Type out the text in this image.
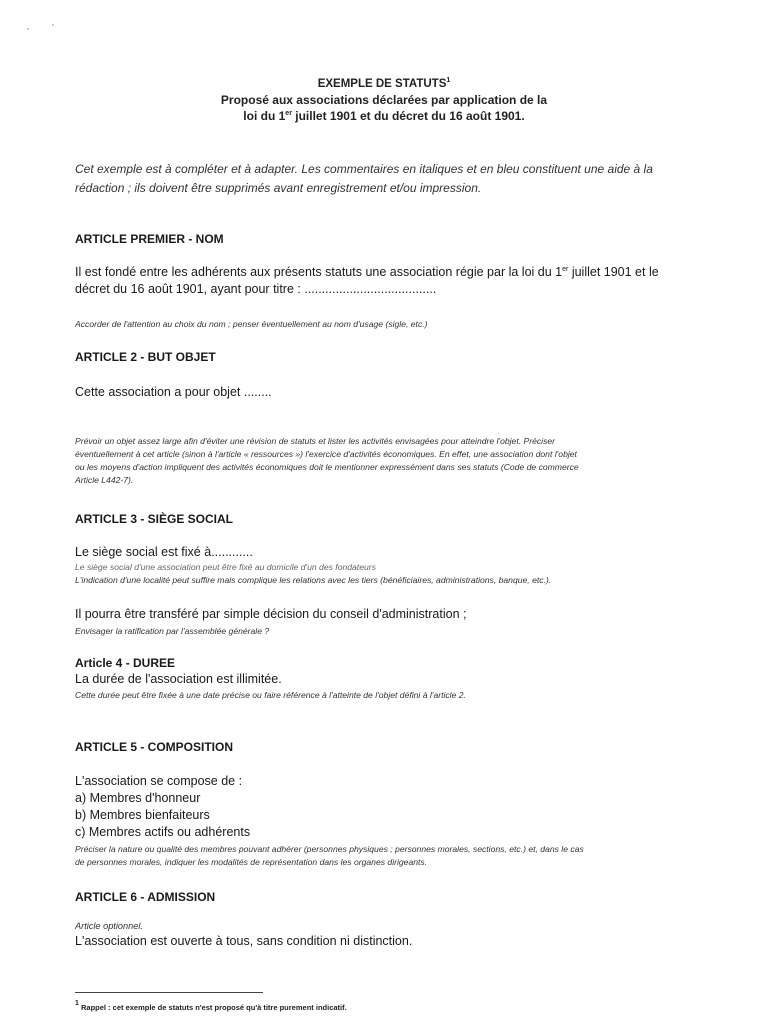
EXEMPLE DE STATUTS$^1$
Proposé aux associations déclarées par application de la
loi du 1er juillet 1901 et du décret du 16 août 1901.
Cet exemple est à compléter et à adapter. Les commentaires en italiques et en bleu constituent une aide à la
rédaction ; ils doivent être supprimés avant enregistrement et/ou impression.
ARTICLE PREMIER - NOM
Il est fondé entre les adhérents aux présents statuts une association régie par la loi du 1er juillet 1901 et le
décret du 16 août 1901, ayant pour titre : ......................................
Accorder de l'attention au choix du nom ; penser éventuellement au nom d'usage (sigle, etc.)
ARTICLE 2 - BUT OBJET
Cette association a pour objet ........
Prévoir un objet assez large afin d'éviter une révision de statuts et lister les activités envisagées pour atteindre l'objet. Préciser
éventuellement à cet article (sinon à l'article « ressources ») l'exercice d'activités économiques. En effet, une association dont l'objet
ou les moyens d'action impliquent des activités économiques doit le mentionner expressément dans ses statuts (Code de commerce
Article L442-7).
ARTICLE 3 - SIÈGE SOCIAL
Le siège social est fixé à............
Le siège social d'une association peut être fixé au domicile d'un des fondateurs
L'indication d'une localité peut suffire mais complique les relations avec les tiers (bénéficiaires, administrations, banque, etc.).
Il pourra être transféré par simple décision du conseil d'administration ;
Envisager la ratification par l'assemblée générale ?
Article 4 - DUREE
La durée de l'association est illimitée.
Cette durée peut être fixée à une date précise ou faire référence à l'atteinte de l'objet défini à l'article 2.
ARTICLE 5 - COMPOSITION
L'association se compose de :
a) Membres d'honneur
b) Membres bienfaiteurs
c) Membres actifs ou adhérents
Préciser la nature ou qualité des membres pouvant adhérer (personnes physiques ; personnes morales, sections, etc.) et, dans le cas
de personnes morales, indiquer les modalités de représentation dans les organes dirigeants.
ARTICLE 6 - ADMISSION
Article optionnel.
L'association est ouverte à tous, sans condition ni distinction.
$^1$ Rappel : cet exemple de statuts n'est proposé qu'à titre purement indicatif.
